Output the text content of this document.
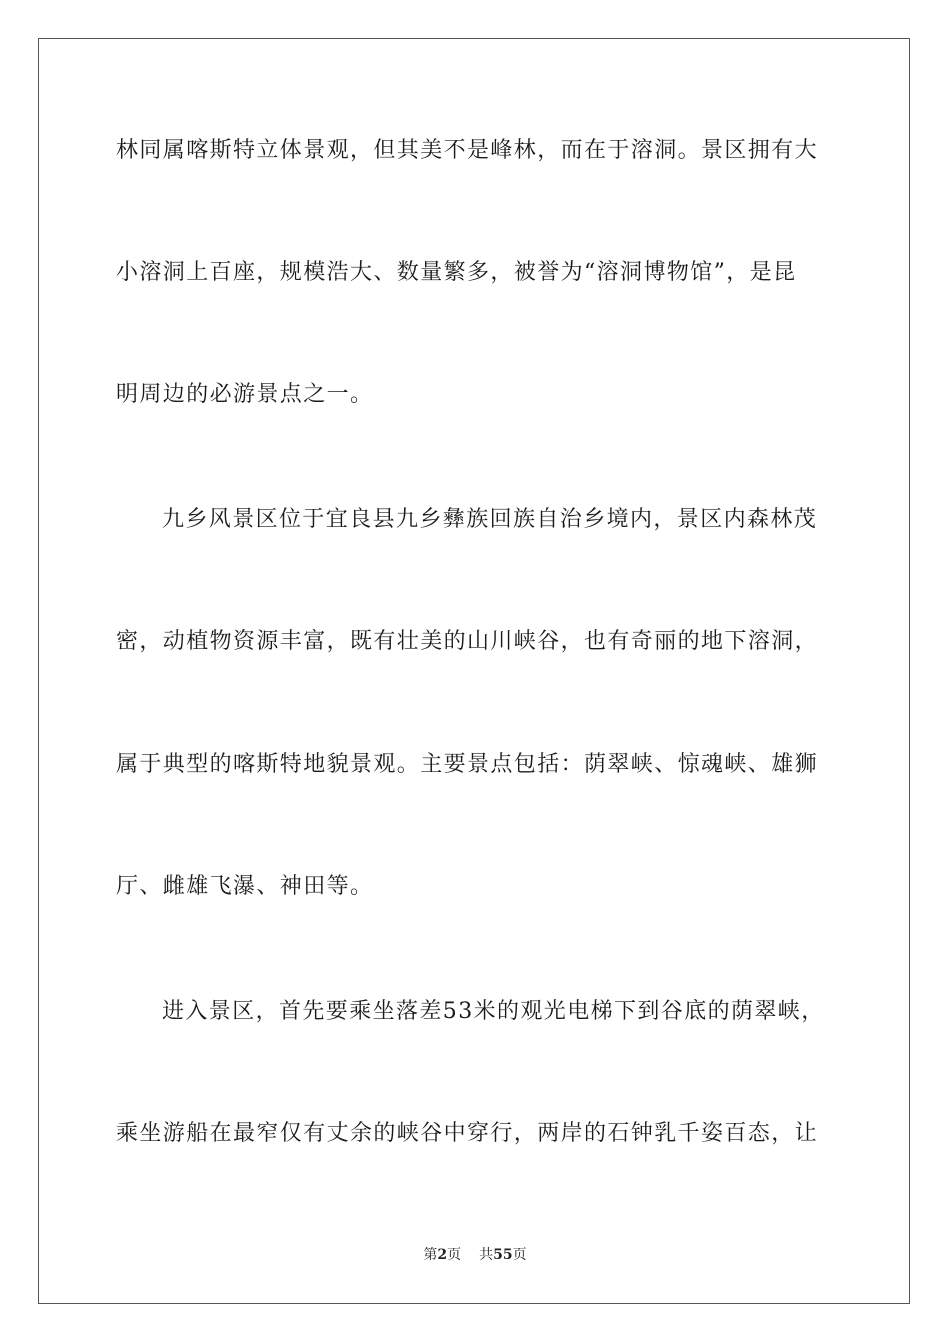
林同属喀斯特立体景观，但其美不是峰林，而在于溶洞。景区拥有大
小溶洞上百座，规模浩大、数量繁多，被誉为“溶洞博物馆”，是昆
明周边的必游景点之一。
九乡风景区位于宜良县九乡彝族回族自治乡境内，景区内森林茂
密，动植物资源丰富，既有壮美的山川峡谷，也有奇丽的地下溶洞，
属于典型的喀斯特地貌景观。主要景点包括：荫翠峡、惊魂峡、雄狮
厅、雌雄飞瀑、神田等。
进入景区，首先要乘坐落差53米的观光电梯下到谷底的荫翠峡，
乘坐游船在最窄仅有丈余的峡谷中穿行，两岸的石钟乳千姿百态，让
第2页 共55页
